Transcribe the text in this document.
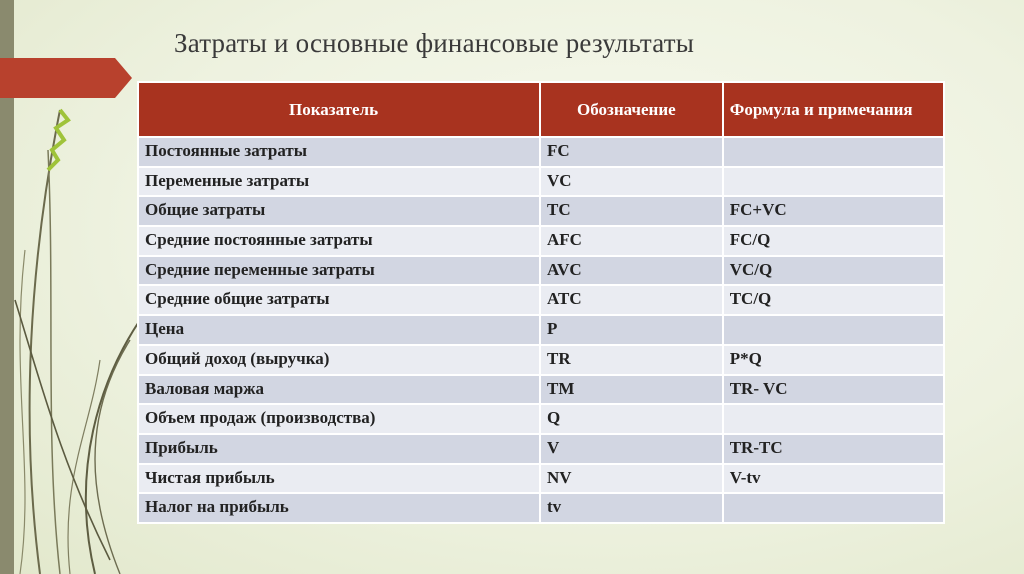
Затраты и основные финансовые результаты
Показатель	Обозначение	Формула и примечания
Постоянные затраты	FC	
Переменные затраты	VC	
Общие затраты	TC	FC+VC
Средние постоянные затраты	AFC	FC/Q
Средние переменные затраты	AVC	VC/Q
Средние общие затраты	ATC	TC/Q
Цена	P	
Общий доход (выручка)	TR	P*Q
Валовая маржа	TM	TR- VC
Объем продаж (производства)	Q	
Прибыль	V	TR-TC
Чистая прибыль	NV	V-tv
Налог на прибыль	tv	
